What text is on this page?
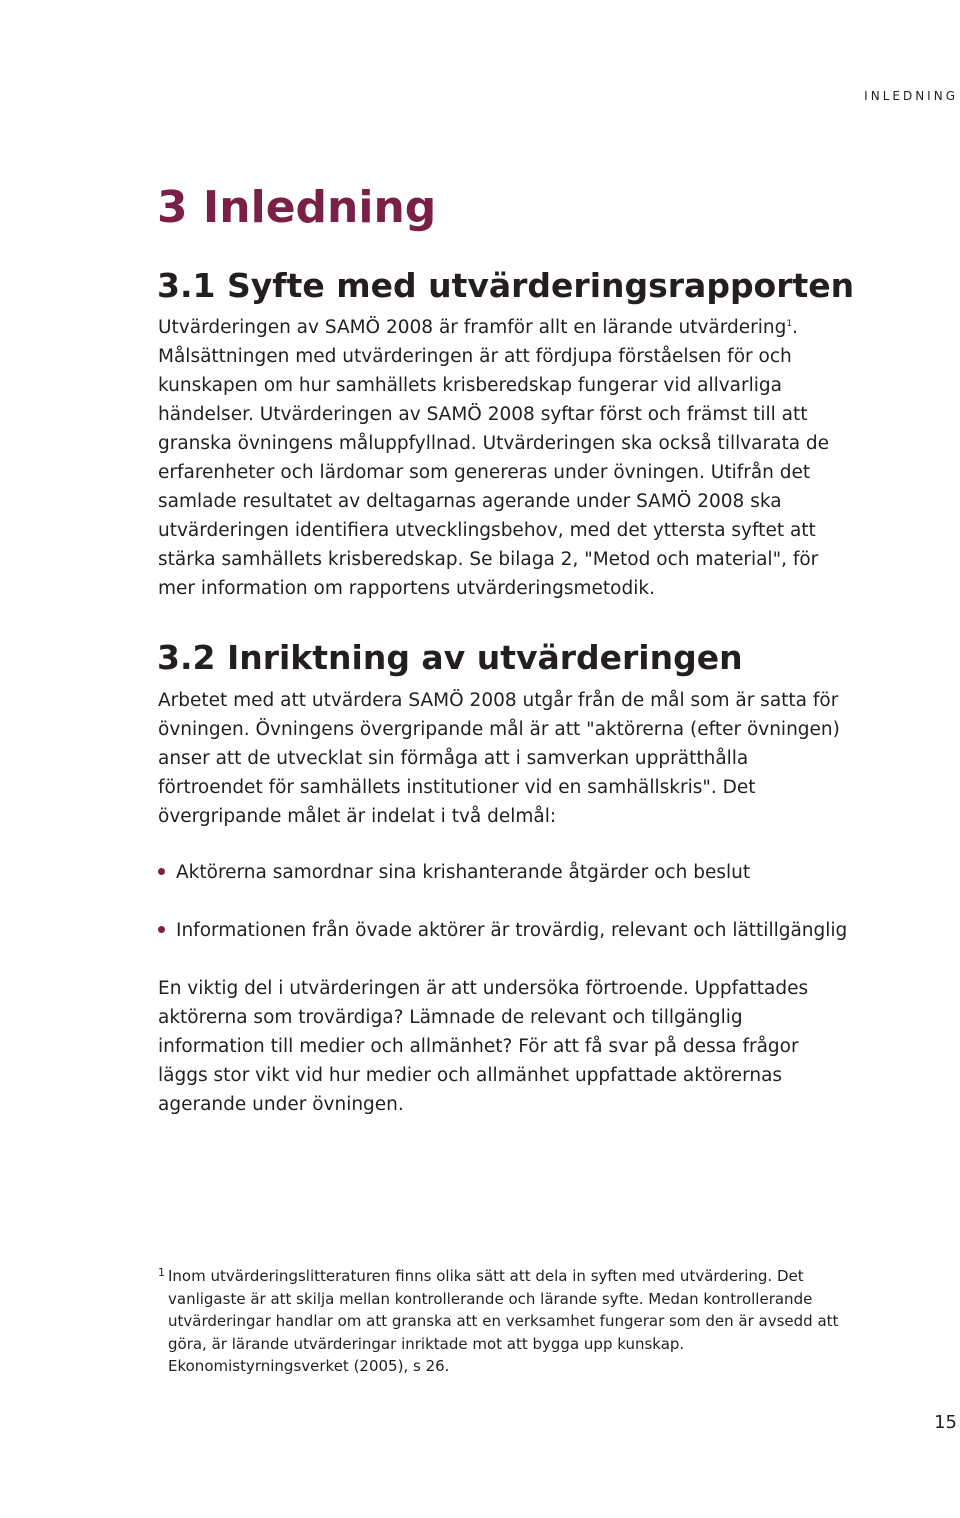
INLEDNING
3 Inledning
3.1 Syfte med utvärderingsrapporten

Utvärderingen av SAMÖ 2008 är framför allt en lärande utvärdering$^1$. Målsättningen med utvärderingen är att fördjupa förståelsen för och kunskapen om hur samhällets krisberedskap fungerar vid allvarliga händelser. Utvärderingen av SAMÖ 2008 syftar först och främst till att granska övningens måluppfyllnad. Utvärderingen ska också tillvarata de erfarenheter och lärdomar som genereras under övningen. Utifrån det samlade resultatet av deltagarnas agerande under SAMÖ 2008 ska utvärderingen identifiera utvecklingsbehov, med det yttersta syftet att stärka samhällets krisberedskap. Se bilaga 2, "Metod och material", för mer information om rapportens utvärderingsmetodik.

3.2 Inriktning av utvärderingen

Arbetet med att utvärdera SAMÖ 2008 utgår från de mål som är satta för övningen. Övningens övergripande mål är att "aktörerna (efter övningen) anser att de utvecklat sin förmåga att i samverkan upprätthålla förtroendet för samhällets institutioner vid en samhällskris". Det övergripande målet är indelat i två delmål:

Aktörerna samordnar sina krishanterande åtgärder och beslut

Informationen från övade aktörer är trovärdig, relevant och lättillgänglig

En viktig del i utvärderingen är att undersöka förtroende. Uppfattades aktörerna som trovärdiga? Lämnade de relevant och tillgänglig information till medier och allmänhet? För att få svar på dessa frågor läggs stor vikt vid hur medier och allmänhet uppfattade aktörernas agerande under övningen.

1 Inom utvärderingslitteraturen finns olika sätt att dela in syften med utvärdering. Det vanligaste är att skilja mellan kontrollerande och lärande syfte. Medan kontrollerande utvärderingar handlar om att granska att en verksamhet fungerar som den är avsedd att göra, är lärande utvärderingar inriktade mot att bygga upp kunskap. Ekonomistyrningsverket (2005), s 26.
15
